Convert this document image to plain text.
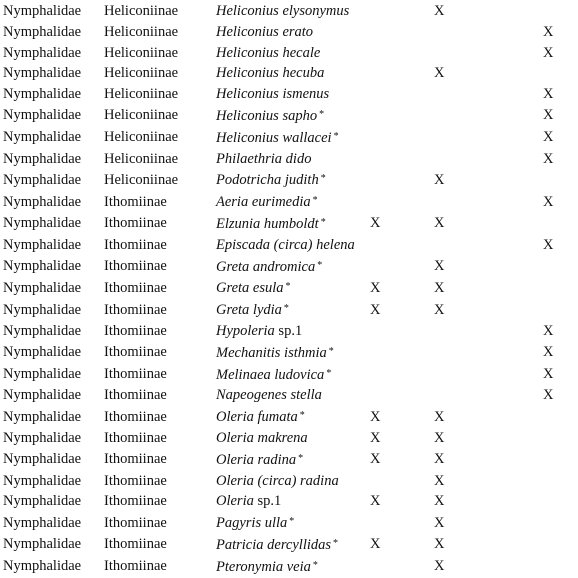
Nymphalidae	Heliconiinae	Heliconius elysonymus		X	
Nymphalidae	Heliconiinae	Heliconius erato			X
Nymphalidae	Heliconiinae	Heliconius hecale			X
Nymphalidae	Heliconiinae	Heliconius hecuba		X	
Nymphalidae	Heliconiinae	Heliconius ismenus			X
Nymphalidae	Heliconiinae	Heliconius sapho *			X
Nymphalidae	Heliconiinae	Heliconius wallacei *			X
Nymphalidae	Heliconiinae	Philaethria dido			X
Nymphalidae	Heliconiinae	Podotricha judith *		X	
Nymphalidae	Ithomiinae	Aeria eurimedia *			X
Nymphalidae	Ithomiinae	Elzunia humboldt *	X	X	
Nymphalidae	Ithomiinae	Episcada (circa) helena			X
Nymphalidae	Ithomiinae	Greta andromica *		X	
Nymphalidae	Ithomiinae	Greta esula *	X	X	
Nymphalidae	Ithomiinae	Greta lydia *	X	X	
Nymphalidae	Ithomiinae	Hypoleria sp.1			X
Nymphalidae	Ithomiinae	Mechanitis isthmia *			X
Nymphalidae	Ithomiinae	Melinaea ludovica *			X
Nymphalidae	Ithomiinae	Napeogenes stella			X
Nymphalidae	Ithomiinae	Oleria fumata *	X	X	
Nymphalidae	Ithomiinae	Oleria makrena	X	X	
Nymphalidae	Ithomiinae	Oleria radina *	X	X	
Nymphalidae	Ithomiinae	Oleria (circa) radina		X	
Nymphalidae	Ithomiinae	Oleria sp.1	X	X	
Nymphalidae	Ithomiinae	Pagyris ulla *		X	
Nymphalidae	Ithomiinae	Patricia dercyllidas *	X	X	
Nymphalidae	Ithomiinae	Pteronymia veia *		X	
